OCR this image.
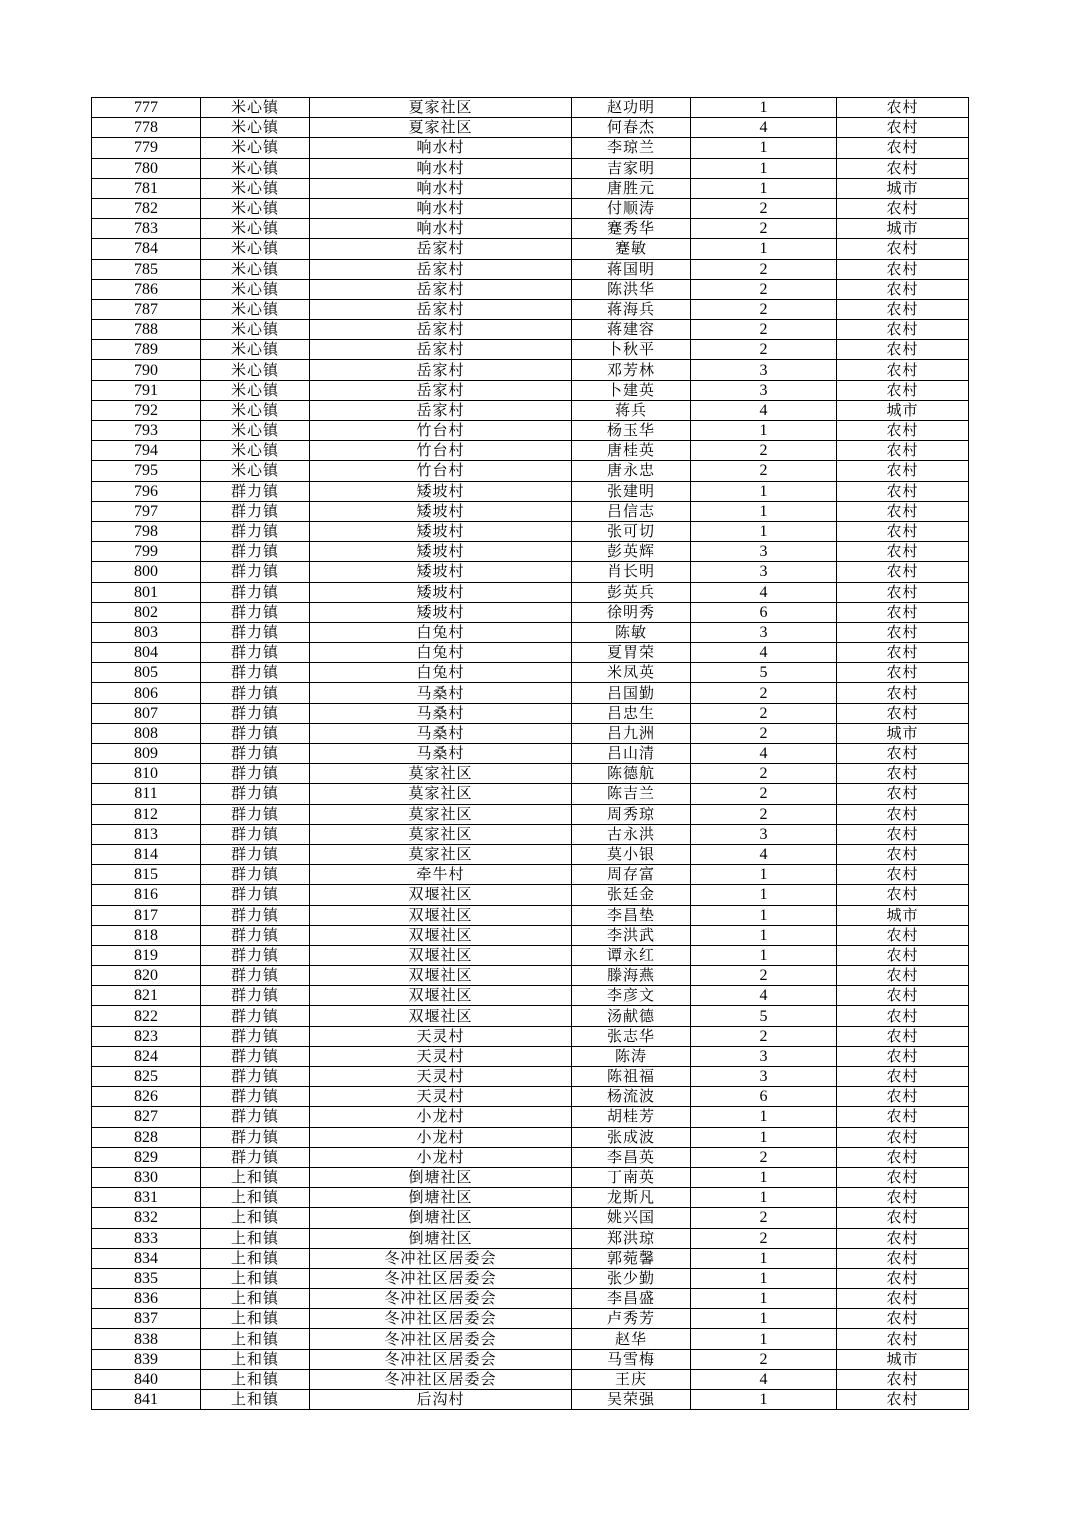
777	米心镇	夏家社区	赵功明	1	农村
778	米心镇	夏家社区	何春杰	4	农村
779	米心镇	响水村	李琼兰	1	农村
780	米心镇	响水村	吉家明	1	农村
781	米心镇	响水村	唐胜元	1	城市
782	米心镇	响水村	付顺涛	2	农村
783	米心镇	响水村	蹇秀华	2	城市
784	米心镇	岳家村	蹇敏	1	农村
785	米心镇	岳家村	蒋国明	2	农村
786	米心镇	岳家村	陈洪华	2	农村
787	米心镇	岳家村	蒋海兵	2	农村
788	米心镇	岳家村	蒋建容	2	农村
789	米心镇	岳家村	卜秋平	2	农村
790	米心镇	岳家村	邓芳林	3	农村
791	米心镇	岳家村	卜建英	3	农村
792	米心镇	岳家村	蒋兵	4	城市
793	米心镇	竹台村	杨玉华	1	农村
794	米心镇	竹台村	唐桂英	2	农村
795	米心镇	竹台村	唐永忠	2	农村
796	群力镇	矮坡村	张建明	1	农村
797	群力镇	矮坡村	吕信志	1	农村
798	群力镇	矮坡村	张可切	1	农村
799	群力镇	矮坡村	彭英辉	3	农村
800	群力镇	矮坡村	肖长明	3	农村
801	群力镇	矮坡村	彭英兵	4	农村
802	群力镇	矮坡村	徐明秀	6	农村
803	群力镇	白兔村	陈敏	3	农村
804	群力镇	白兔村	夏胃荣	4	农村
805	群力镇	白兔村	米凤英	5	农村
806	群力镇	马桑村	吕国勤	2	农村
807	群力镇	马桑村	吕忠生	2	农村
808	群力镇	马桑村	吕九洲	2	城市
809	群力镇	马桑村	吕山清	4	农村
810	群力镇	莫家社区	陈德航	2	农村
811	群力镇	莫家社区	陈吉兰	2	农村
812	群力镇	莫家社区	周秀琼	2	农村
813	群力镇	莫家社区	古永洪	3	农村
814	群力镇	莫家社区	莫小银	4	农村
815	群力镇	牵牛村	周存富	1	农村
816	群力镇	双堰社区	张廷金	1	农村
817	群力镇	双堰社区	李昌垫	1	城市
818	群力镇	双堰社区	李洪武	1	农村
819	群力镇	双堰社区	谭永红	1	农村
820	群力镇	双堰社区	滕海燕	2	农村
821	群力镇	双堰社区	李彦文	4	农村
822	群力镇	双堰社区	汤献德	5	农村
823	群力镇	天灵村	张志华	2	农村
824	群力镇	天灵村	陈涛	3	农村
825	群力镇	天灵村	陈祖福	3	农村
826	群力镇	天灵村	杨流波	6	农村
827	群力镇	小龙村	胡桂芳	1	农村
828	群力镇	小龙村	张成波	1	农村
829	群力镇	小龙村	李昌英	2	农村
830	上和镇	倒塘社区	丁南英	1	农村
831	上和镇	倒塘社区	龙斯凡	1	农村
832	上和镇	倒塘社区	姚兴国	2	农村
833	上和镇	倒塘社区	郑洪琼	2	农村
834	上和镇	冬冲社区居委会	郭菀馨	1	农村
835	上和镇	冬冲社区居委会	张少勤	1	农村
836	上和镇	冬冲社区居委会	李昌盛	1	农村
837	上和镇	冬冲社区居委会	卢秀芳	1	农村
838	上和镇	冬冲社区居委会	赵华	1	农村
839	上和镇	冬冲社区居委会	马雪梅	2	城市
840	上和镇	冬冲社区居委会	王庆	4	农村
841	上和镇	后沟村	吴荣强	1	农村
